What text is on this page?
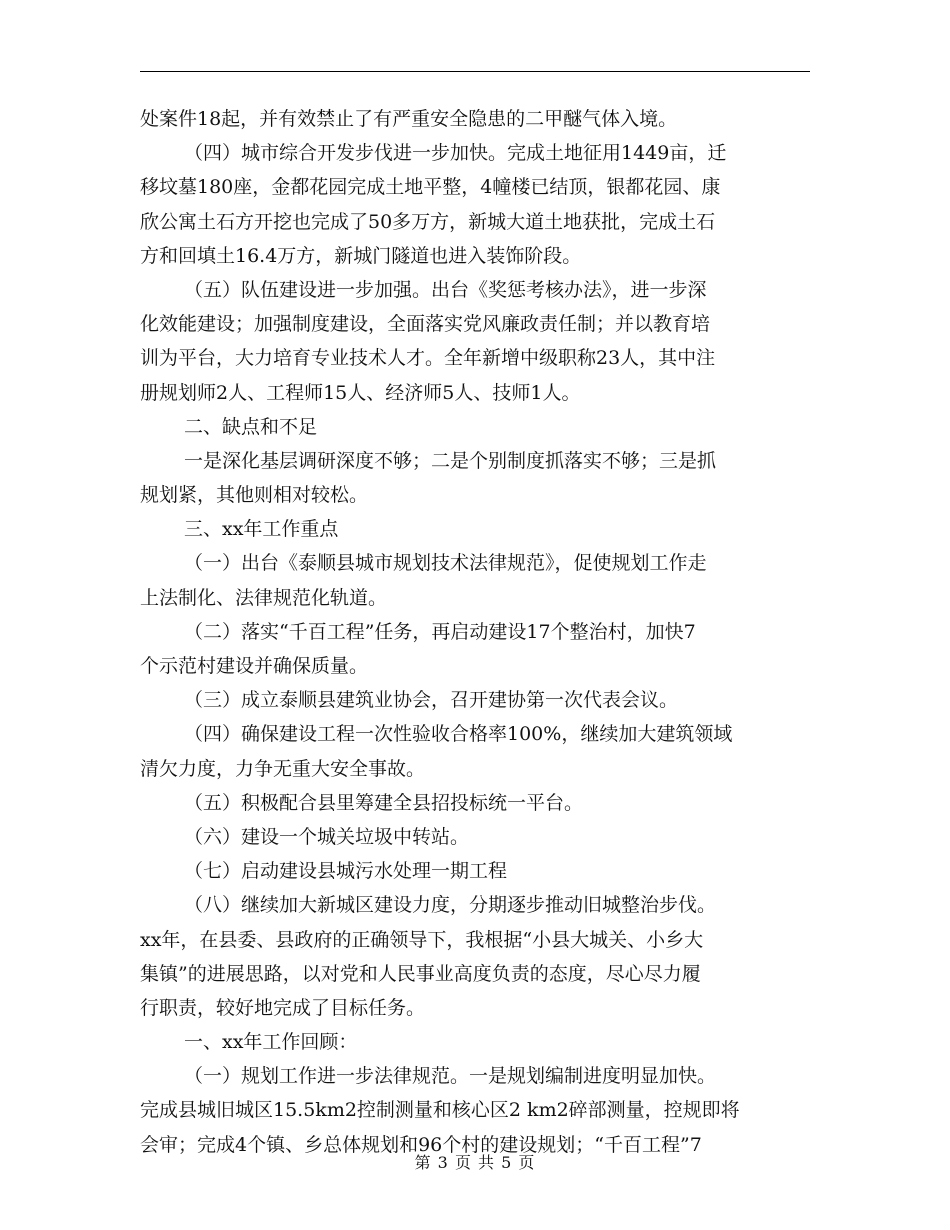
处案件18起，并有效禁止了有严重安全隐患的二甲醚气体入境。
（四）城市综合开发步伐进一步加快。完成土地征用1449亩，迁
移坟墓180座，金都花园完成土地平整，4幢楼已结顶，银都花园、康
欣公寓土石方开挖也完成了50多万方，新城大道土地获批，完成土石
方和回填土16.4万方，新城门隧道也进入装饰阶段。
（五）队伍建设进一步加强。出台《奖惩考核办法》，进一步深
化效能建设；加强制度建设，全面落实党风廉政责任制；并以教育培
训为平台，大力培育专业技术人才。全年新增中级职称23人，其中注
册规划师2人、工程师15人、经济师5人、技师1人。
二、缺点和不足
一是深化基层调研深度不够；二是个别制度抓落实不够；三是抓
规划紧，其他则相对较松。
三、xx年工作重点
（一）出台《泰顺县城市规划技术法律规范》，促使规划工作走
上法制化、法律规范化轨道。
（二）落实“千百工程”任务，再启动建设17个整治村，加快7
个示范村建设并确保质量。
（三）成立泰顺县建筑业协会，召开建协第一次代表会议。
（四）确保建设工程一次性验收合格率100%，继续加大建筑领域
清欠力度，力争无重大安全事故。
（五）积极配合县里筹建全县招投标统一平台。
（六）建设一个城关垃圾中转站。
（七）启动建设县城污水处理一期工程
（八）继续加大新城区建设力度，分期逐步推动旧城整治步伐。
xx年，在县委、县政府的正确领导下，我根据“小县大城关、小乡大
集镇”的进展思路，以对党和人民事业高度负责的态度，尽心尽力履
行职责，较好地完成了目标任务。
一、xx年工作回顾：
（一）规划工作进一步法律规范。一是规划编制进度明显加快。
完成县城旧城区15.5km2控制测量和核心区2 km2碎部测量，控规即将
会审；完成4个镇、乡总体规划和96个村的建设规划；“千百工程”7
第 3 页 共 5 页
